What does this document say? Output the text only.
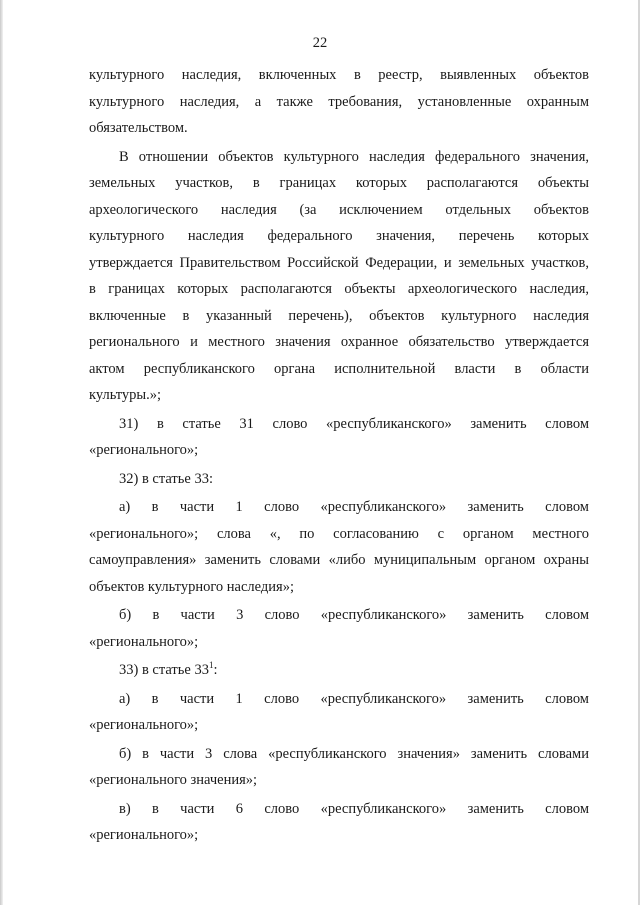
22
культурного наследия, включенных в реестр, выявленных объектов
культурного наследия, а также требования, установленные охранным
обязательством.
В отношении объектов культурного наследия федерального значения,
земельных участков, в границах которых располагаются объекты
археологического наследия (за исключением отдельных объектов
культурного наследия федерального значения, перечень которых
утверждается Правительством Российской Федерации, и земельных участков,
в границах которых располагаются объекты археологического наследия,
включенные в указанный перечень), объектов культурного наследия
регионального и местного значения охранное обязательство утверждается
актом республиканского органа исполнительной власти в области
культуры.»;
31) в статье 31 слово «республиканского» заменить словом
«регионального»;
32) в статье 33:
а) в части 1 слово «республиканского» заменить словом
«регионального»; слова «, по согласованию с органом местного
самоуправления» заменить словами «либо муниципальным органом охраны
объектов культурного наследия»;
б) в части 3 слово «республиканского» заменить словом
«регионального»;
33) в статье $33^1$:
а) в части 1 слово «республиканского» заменить словом
«регионального»;
б) в части 3 слова «республиканского значения» заменить словами
«регионального значения»;
в) в части 6 слово «республиканского» заменить словом
«регионального»;
